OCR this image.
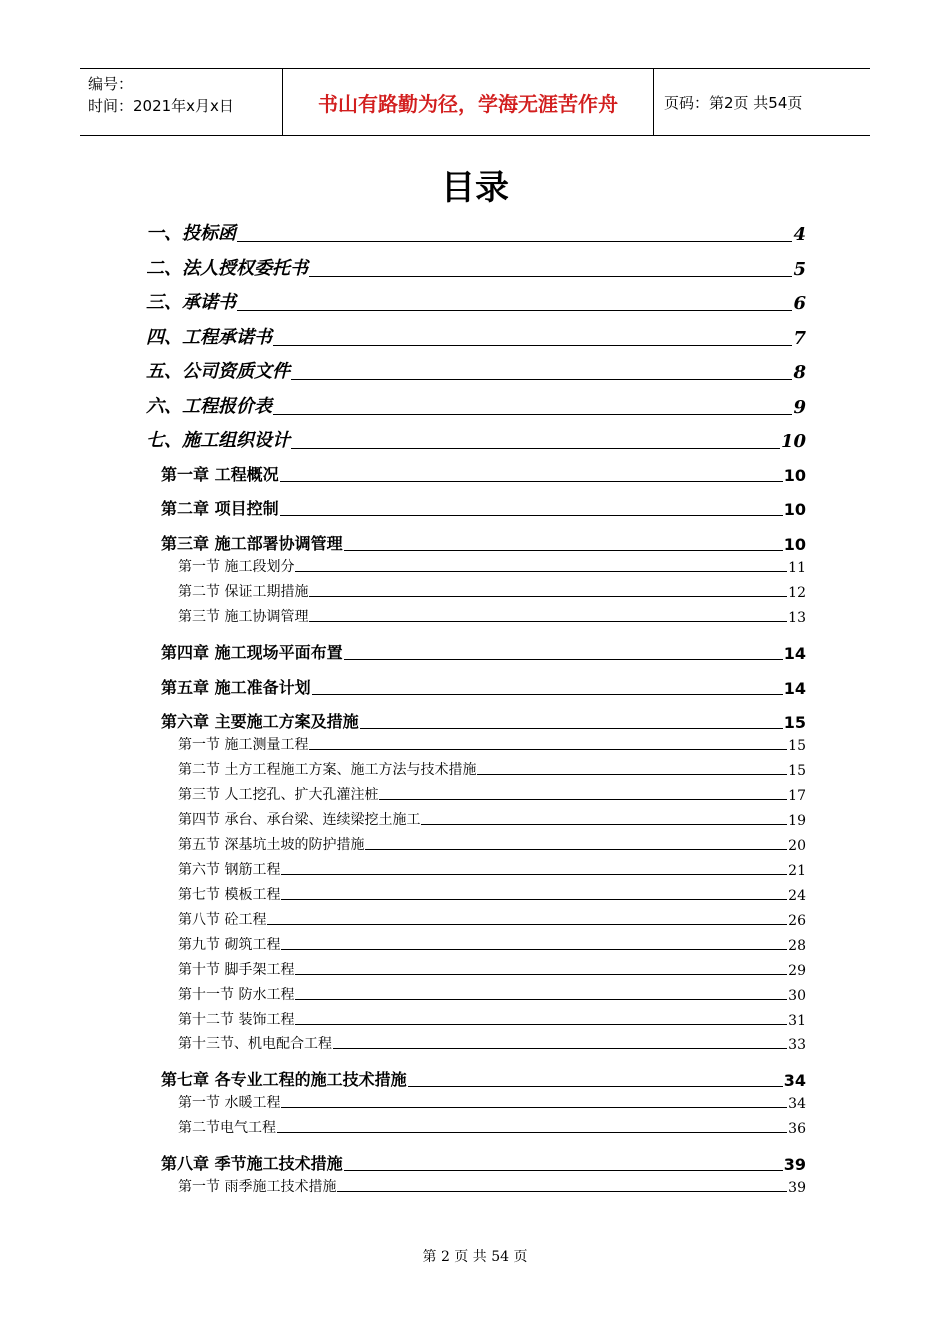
编号：
时间：2021年x月x日	书山有路勤为径，学海无涯苦作舟	页码：第2页 共54页
目录
一、投标函	4
二、法人授权委托书	5
三、承诺书	6
四、工程承诺书	7
五、公司资质文件	8
六、工程报价表	9
七、施工组织设计	10
第一章 工程概况	10
第二章 项目控制	10
第三章 施工部署协调管理	10
第一节 施工段划分	11
第二节 保证工期措施	12
第三节 施工协调管理	13
第四章 施工现场平面布置	14
第五章 施工准备计划	14
第六章 主要施工方案及措施	15
第一节 施工测量工程	15
第二节 土方工程施工方案、施工方法与技术措施	15
第三节 人工挖孔、扩大孔灌注桩	17
第四节 承台、承台梁、连续梁挖土施工	19
第五节 深基坑土坡的防护措施	20
第六节 钢筋工程	21
第七节 模板工程	24
第八节 砼工程	26
第九节 砌筑工程	28
第十节 脚手架工程	29
第十一节 防水工程	30
第十二节 装饰工程	31
第十三节、机电配合工程	33
第七章 各专业工程的施工技术措施	34
第一节 水暖工程	34
第二节电气工程	36
第八章 季节施工技术措施	39
第一节 雨季施工技术措施	39
第 2 页 共 54 页
